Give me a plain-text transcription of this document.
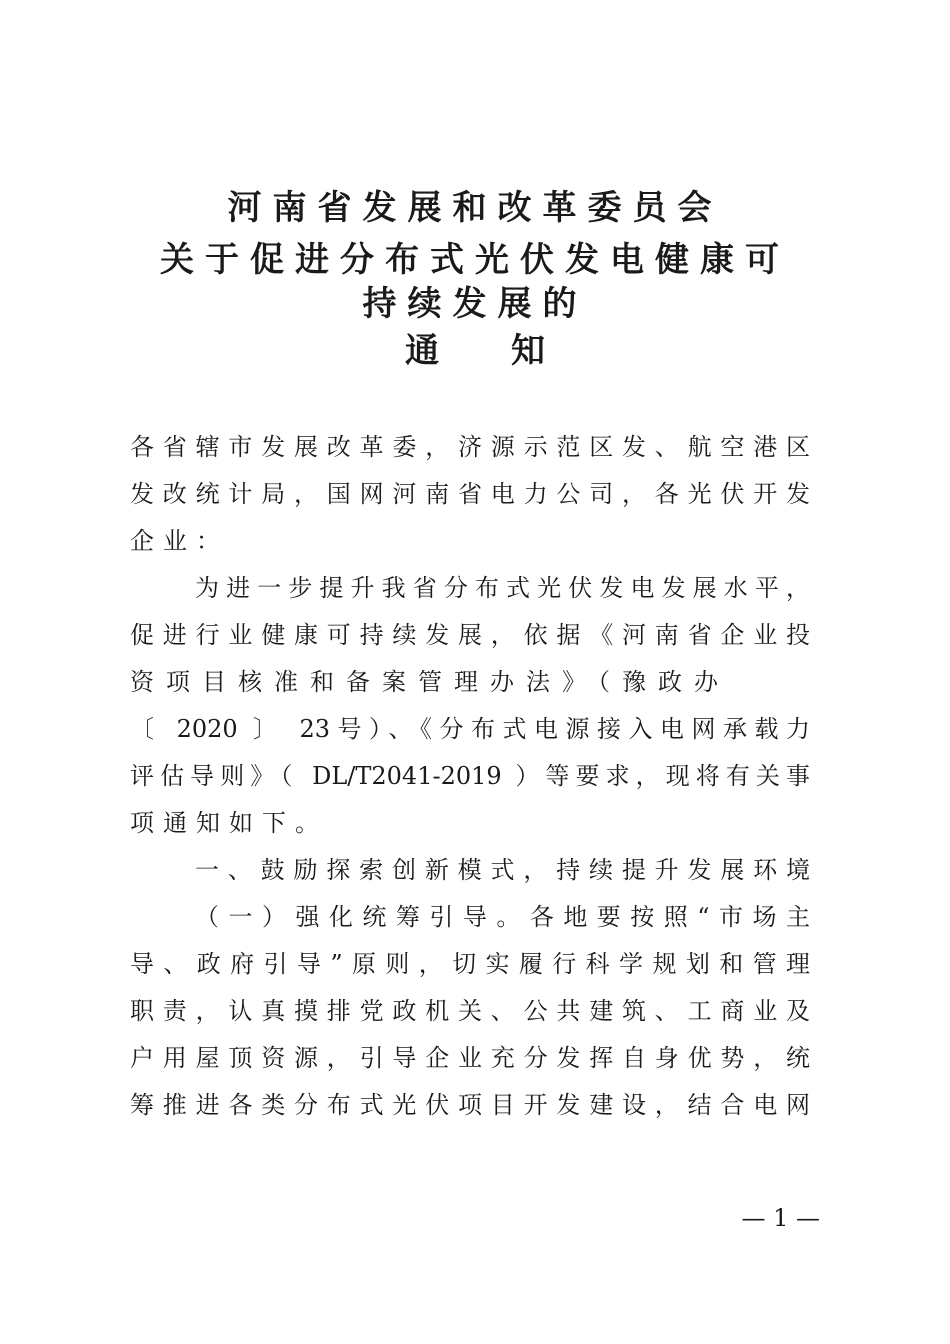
河南省发展和改革委员会
关于促进分布式光伏发电健康可
持续发展的
通 知
各省辖市发展改革委，济源示范区发、航空港区
发改统计局，国网河南省电力公司，各光伏开发
企业：
为进一步提升我省分布式光伏发电发展水平，
促进行业健康可持续发展，依据《河南省企业投
资项目核准和备案管理办法》（豫政办
〔 2020 〕 23号）、《分布式电源接入电网承载力
评估导则》（ DL/T2041-2019 ）等要求，现将有关事
项通知如下。
一、鼓励探索创新模式，持续提升发展环境
（一）强化统筹引导。各地要按照“市场主
导、政府引导”原则，切实履行科学规划和管理
职责，认真摸排党政机关、公共建筑、工商业及
户用屋顶资源，引导企业充分发挥自身优势，统
筹推进各类分布式光伏项目开发建设，结合电网
— 1 —
